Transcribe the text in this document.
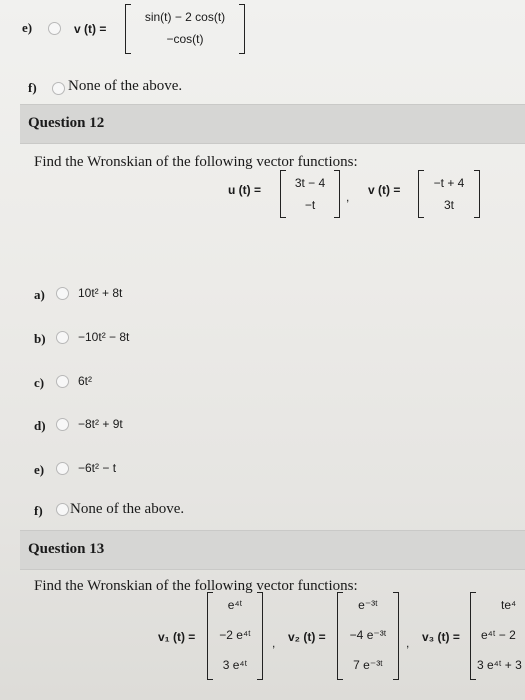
e)	v (t) =
sin(t) − 2 cos(t)
−cos(t)
f) None of the above.
Question 12
Find the Wronskian of the following vector functions:
u (t) =	3t − 4
−t
, v (t) =	−t + 4
3t
a)	10t² + 8t
b)	−10t² − 8t
c)	6t²
d)	−8t² + 9t
e)	−6t² − t
f) None of the above.
Question 13
Find the Wronskian of the following vector functions:
v₁ (t) =
e⁴ᵗ
−2 e⁴ᵗ
3 e⁴ᵗ
, v₂ (t) =
e⁻³ᵗ
−4 e⁻³ᵗ
7 e⁻³ᵗ
, v₃ (t) =
te⁴
e⁴ᵗ − 2
3 e⁴ᵗ + 3
